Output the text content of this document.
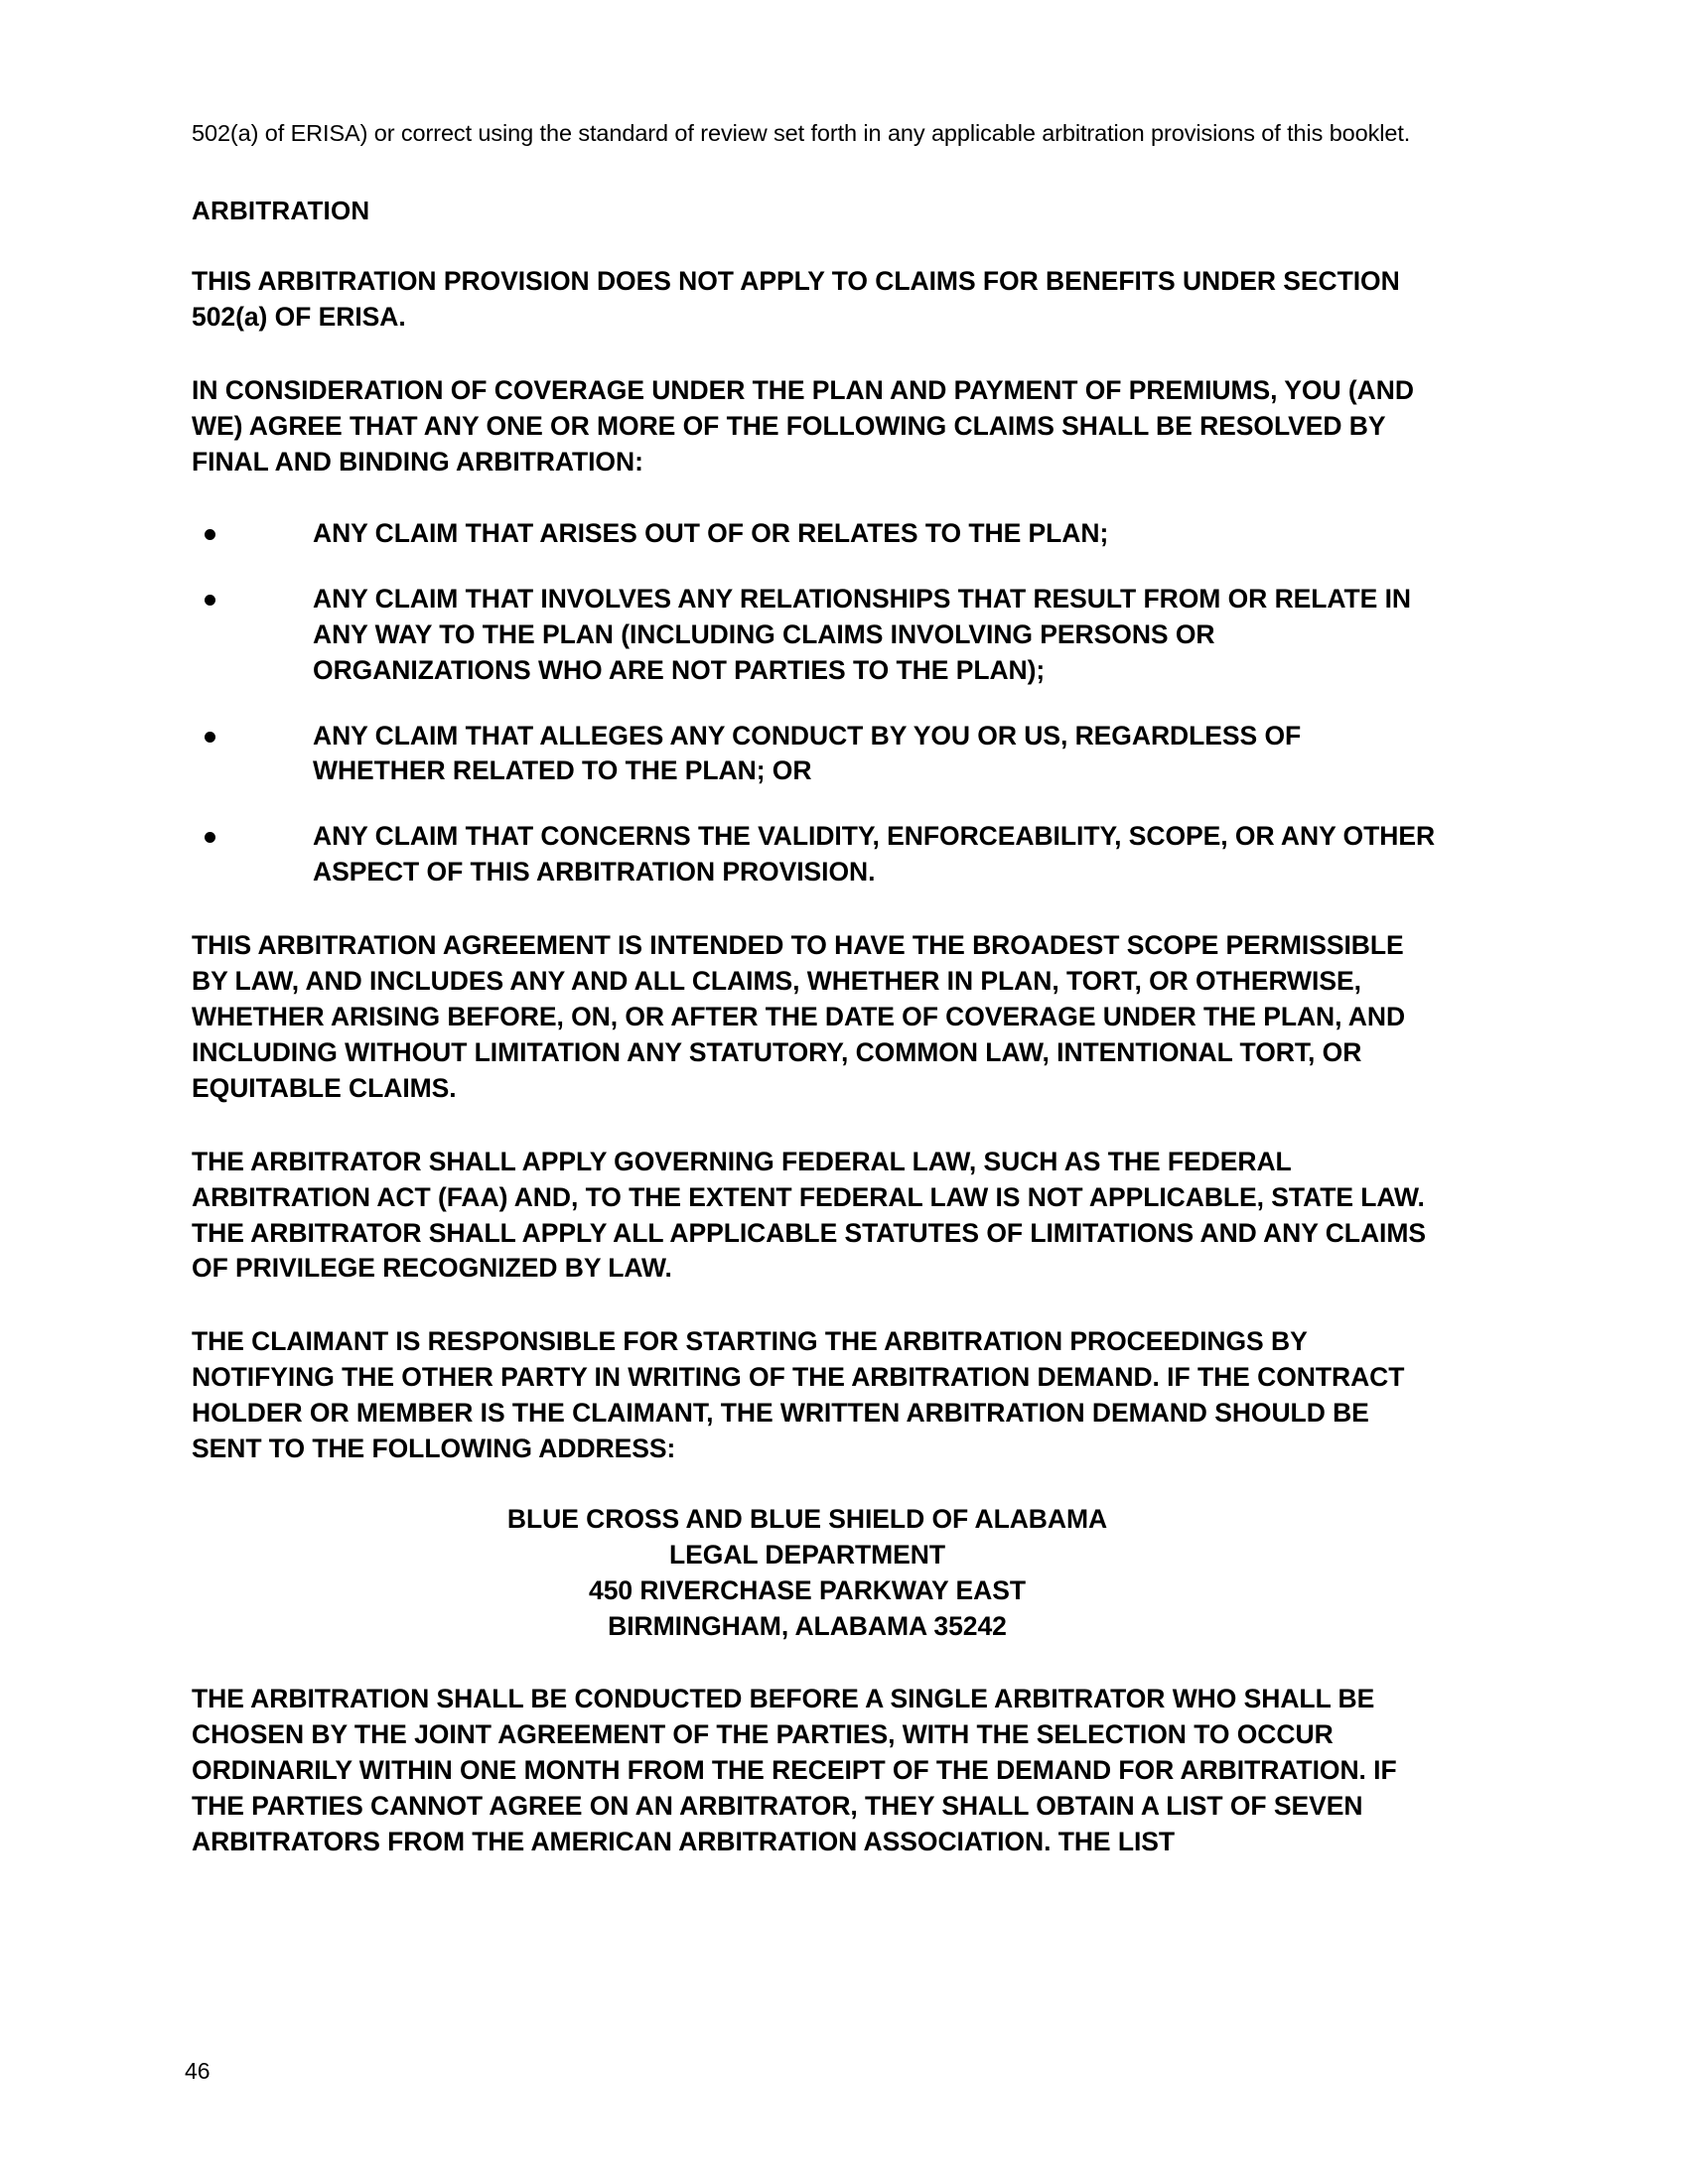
502(a) of ERISA) or correct using the standard of review set forth in any applicable arbitration provisions of this booklet.

ARBITRATION

THIS ARBITRATION PROVISION DOES NOT APPLY TO CLAIMS FOR BENEFITS UNDER SECTION 502(a) OF ERISA.

IN CONSIDERATION OF COVERAGE UNDER THE PLAN AND PAYMENT OF PREMIUMS, YOU (AND WE) AGREE THAT ANY ONE OR MORE OF THE FOLLOWING CLAIMS SHALL BE RESOLVED BY FINAL AND BINDING ARBITRATION:

ANY CLAIM THAT ARISES OUT OF OR RELATES TO THE PLAN;
ANY CLAIM THAT INVOLVES ANY RELATIONSHIPS THAT RESULT FROM OR RELATE IN ANY WAY TO THE PLAN (INCLUDING CLAIMS INVOLVING PERSONS OR ORGANIZATIONS WHO ARE NOT PARTIES TO THE PLAN);
ANY CLAIM THAT ALLEGES ANY CONDUCT BY YOU OR US, REGARDLESS OF WHETHER RELATED TO THE PLAN; OR
ANY CLAIM THAT CONCERNS THE VALIDITY, ENFORCEABILITY, SCOPE, OR ANY OTHER ASPECT OF THIS ARBITRATION PROVISION.

THIS ARBITRATION AGREEMENT IS INTENDED TO HAVE THE BROADEST SCOPE PERMISSIBLE BY LAW, AND INCLUDES ANY AND ALL CLAIMS, WHETHER IN PLAN, TORT, OR OTHERWISE, WHETHER ARISING BEFORE, ON, OR AFTER THE DATE OF COVERAGE UNDER THE PLAN, AND INCLUDING WITHOUT LIMITATION ANY STATUTORY, COMMON LAW, INTENTIONAL TORT, OR EQUITABLE CLAIMS.

THE ARBITRATOR SHALL APPLY GOVERNING FEDERAL LAW, SUCH AS THE FEDERAL ARBITRATION ACT (FAA) AND, TO THE EXTENT FEDERAL LAW IS NOT APPLICABLE, STATE LAW. THE ARBITRATOR SHALL APPLY ALL APPLICABLE STATUTES OF LIMITATIONS AND ANY CLAIMS OF PRIVILEGE RECOGNIZED BY LAW.

THE CLAIMANT IS RESPONSIBLE FOR STARTING THE ARBITRATION PROCEEDINGS BY NOTIFYING THE OTHER PARTY IN WRITING OF THE ARBITRATION DEMAND. IF THE CONTRACT HOLDER OR MEMBER IS THE CLAIMANT, THE WRITTEN ARBITRATION DEMAND SHOULD BE SENT TO THE FOLLOWING ADDRESS:

BLUE CROSS AND BLUE SHIELD OF ALABAMA
LEGAL DEPARTMENT
450 RIVERCHASE PARKWAY EAST
BIRMINGHAM, ALABAMA 35242

THE ARBITRATION SHALL BE CONDUCTED BEFORE A SINGLE ARBITRATOR WHO SHALL BE CHOSEN BY THE JOINT AGREEMENT OF THE PARTIES, WITH THE SELECTION TO OCCUR ORDINARILY WITHIN ONE MONTH FROM THE RECEIPT OF THE DEMAND FOR ARBITRATION. IF THE PARTIES CANNOT AGREE ON AN ARBITRATOR, THEY SHALL OBTAIN A LIST OF SEVEN ARBITRATORS FROM THE AMERICAN ARBITRATION ASSOCIATION. THE LIST

46
